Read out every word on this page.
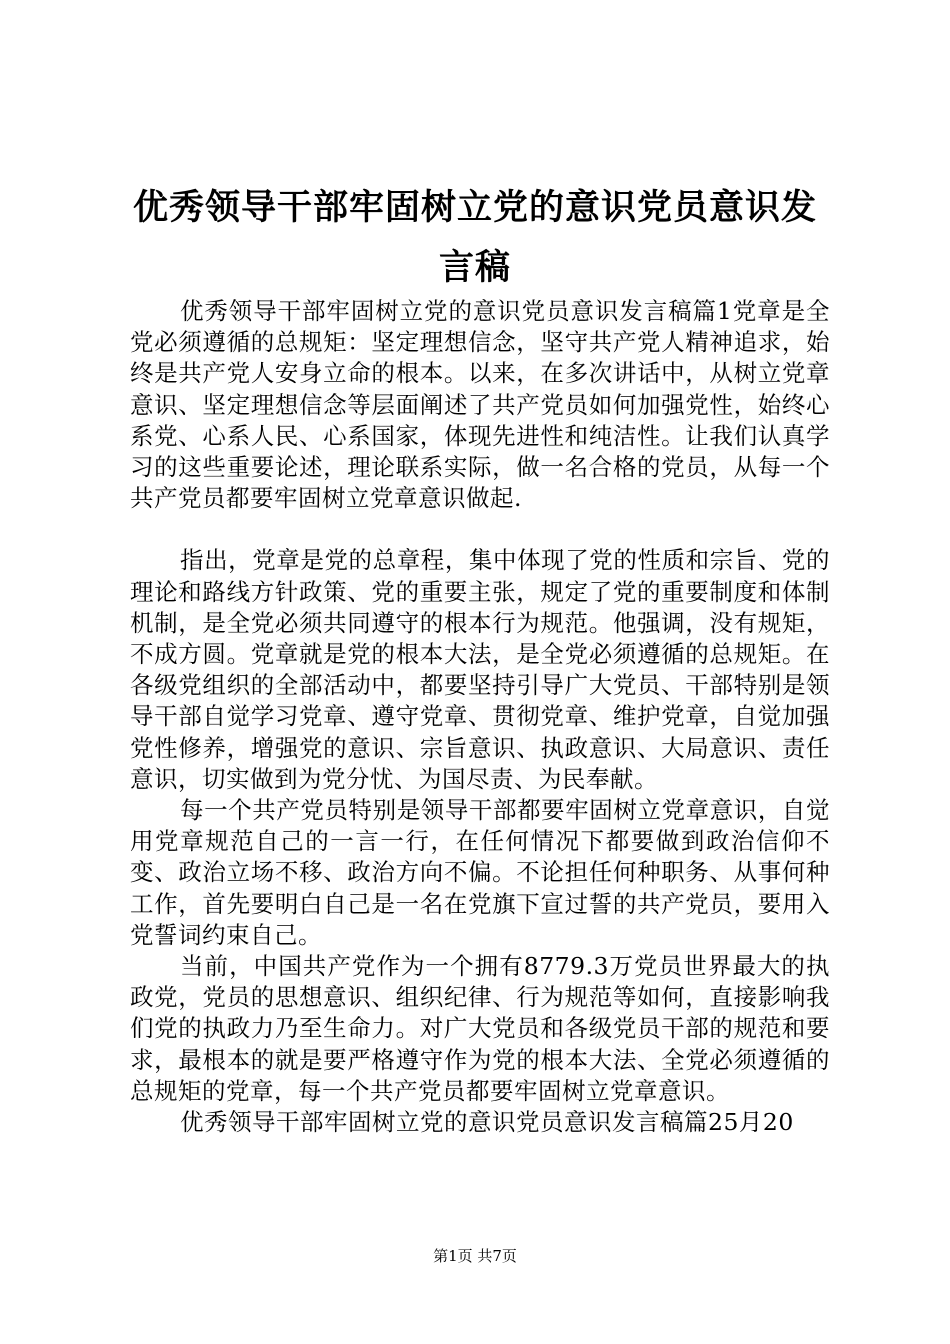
优秀领导干部牢固树立党的意识党员意识发言稿

优秀领导干部牢固树立党的意识党员意识发言稿篇1党章是全党必须遵循的总规矩：坚定理想信念，坚守共产党人精神追求，始终是共产党人安身立命的根本。以来，在多次讲话中，从树立党章意识、坚定理想信念等层面阐述了共产党员如何加强党性，始终心系党、心系人民、心系国家，体现先进性和纯洁性。让我们认真学习的这些重要论述，理论联系实际，做一名合格的党员，从每一个共产党员都要牢固树立党章意识做起.

指出，党章是党的总章程，集中体现了党的性质和宗旨、党的理论和路线方针政策、党的重要主张，规定了党的重要制度和体制机制，是全党必须共同遵守的根本行为规范。他强调，没有规矩，不成方圆。党章就是党的根本大法，是全党必须遵循的总规矩。在各级党组织的全部活动中，都要坚持引导广大党员、干部特别是领导干部自觉学习党章、遵守党章、贯彻党章、维护党章，自觉加强党性修养，增强党的意识、宗旨意识、执政意识、大局意识、责任意识，切实做到为党分忧、为国尽责、为民奉献。

每一个共产党员特别是领导干部都要牢固树立党章意识，自觉用党章规范自己的一言一行，在任何情况下都要做到政治信仰不变、政治立场不移、政治方向不偏。不论担任何种职务、从事何种工作，首先要明白自己是一名在党旗下宣过誓的共产党员，要用入党誓词约束自己。

当前，中国共产党作为一个拥有8779.3万党员世界最大的执政党，党员的思想意识、组织纪律、行为规范等如何，直接影响我们党的执政力乃至生命力。对广大党员和各级党员干部的规范和要求，最根本的就是要严格遵守作为党的根本大法、全党必须遵循的总规矩的党章，每一个共产党员都要牢固树立党章意识。

优秀领导干部牢固树立党的意识党员意识发言稿篇25月20

第1页 共7页
